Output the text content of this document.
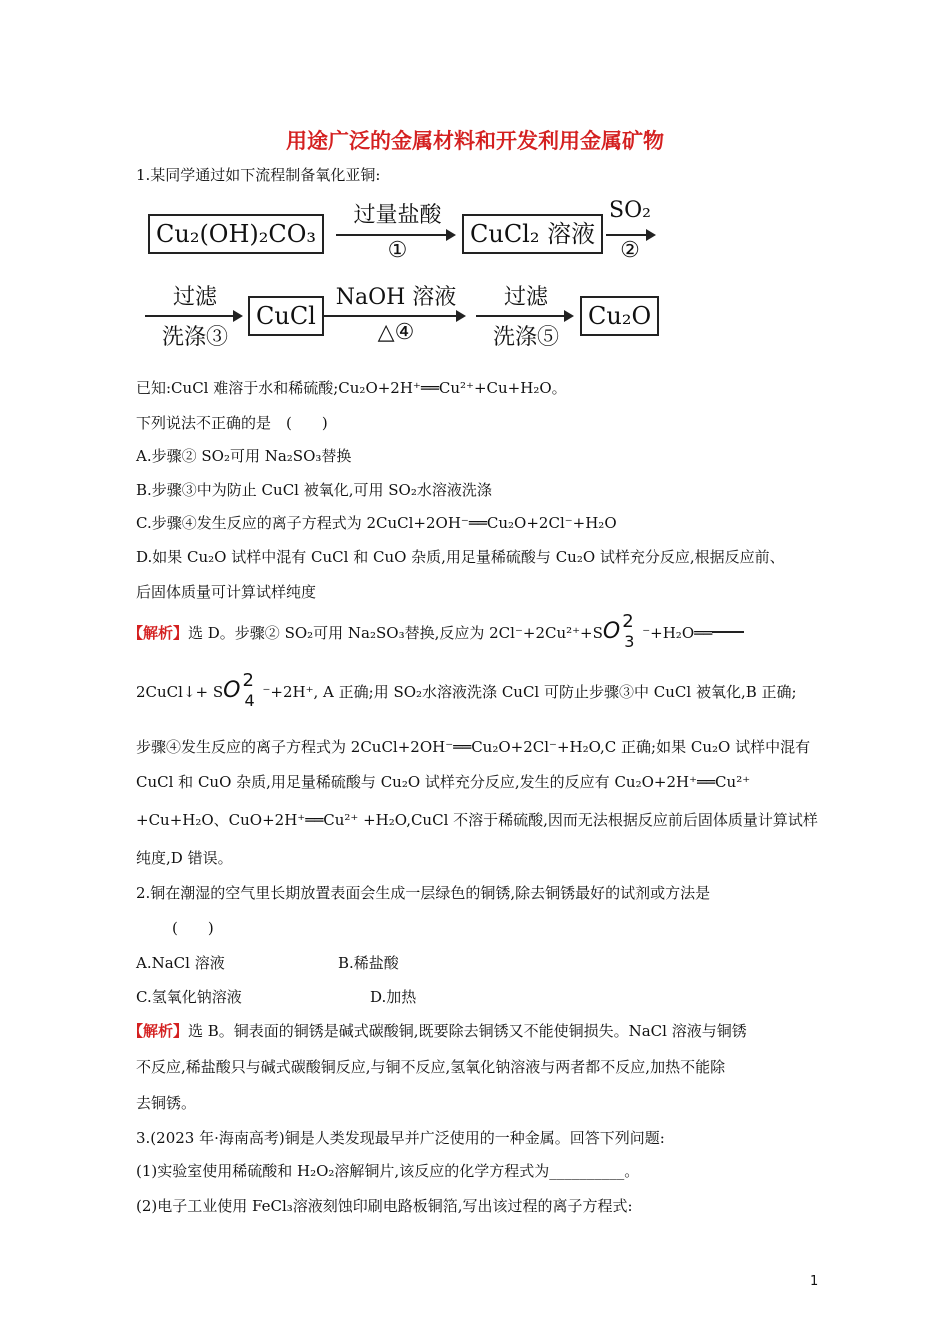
用途广泛的金属材料和开发利用金属矿物
1.某同学通过如下流程制备氧化亚铜:
Cu₂(OH)₂CO₃
过量盐酸
①
CuCl₂ 溶液
SO₂
②
过滤
洗涤③
CuCl
NaOH 溶液
△④
过滤
洗涤⑤
Cu₂O
已知:CuCl 难溶于水和稀硫酸;Cu₂O+2H⁺══Cu²⁺+Cu+H₂O。
下列说法不正确的是　(　　)
A.步骤② SO₂可用 Na₂SO₃替换
B.步骤③中为防止 CuCl 被氧化,可用 SO₂水溶液洗涤
C.步骤④发生反应的离子方程式为 2CuCl+2OH⁻══Cu₂O+2Cl⁻+H₂O
D.如果 Cu₂O 试样中混有 CuCl 和 CuO 杂质,用足量稀硫酸与 Cu₂O 试样充分反应,根据反应前、
后固体质量可计算试样纯度
【解析】选 D。步骤② SO₂可用 Na₂SO₃替换,反应为 2Cl⁻+2Cu²⁺+SO 2
3 ⁻+H₂O══
2CuCl↓+ SO 2
4 ⁻+2H⁺, A 正确;用 SO₂水溶液洗涤 CuCl 可防止步骤③中 CuCl 被氧化,B 正确;
步骤④发生反应的离子方程式为 2CuCl+2OH⁻══Cu₂O+2Cl⁻+H₂O,C 正确;如果 Cu₂O 试样中混有
CuCl 和 CuO 杂质,用足量稀硫酸与 Cu₂O 试样充分反应,发生的反应有 Cu₂O+2H⁺══Cu²⁺
+Cu+H₂O、CuO+2H⁺══Cu²⁺ +H₂O,CuCl 不溶于稀硫酸,因而无法根据反应前后固体质量计算试样
纯度,D 错误。
2.铜在潮湿的空气里长期放置表面会生成一层绿色的铜锈,除去铜锈最好的试剂或方法是
(　　)
A.NaCl 溶液	B.稀盐酸
C.氢氧化钠溶液	D.加热
【解析】选 B。铜表面的铜锈是碱式碳酸铜,既要除去铜锈又不能使铜损失。NaCl 溶液与铜锈
不反应,稀盐酸只与碱式碳酸铜反应,与铜不反应,氢氧化钠溶液与两者都不反应,加热不能除
去铜锈。
3.(2023 年·海南高考)铜是人类发现最早并广泛使用的一种金属。回答下列问题:
(1)实验室使用稀硫酸和 H₂O₂溶解铜片,该反应的化学方程式为__________。
(2)电子工业使用 FeCl₃溶液刻蚀印刷电路板铜箔,写出该过程的离子方程式:
1
